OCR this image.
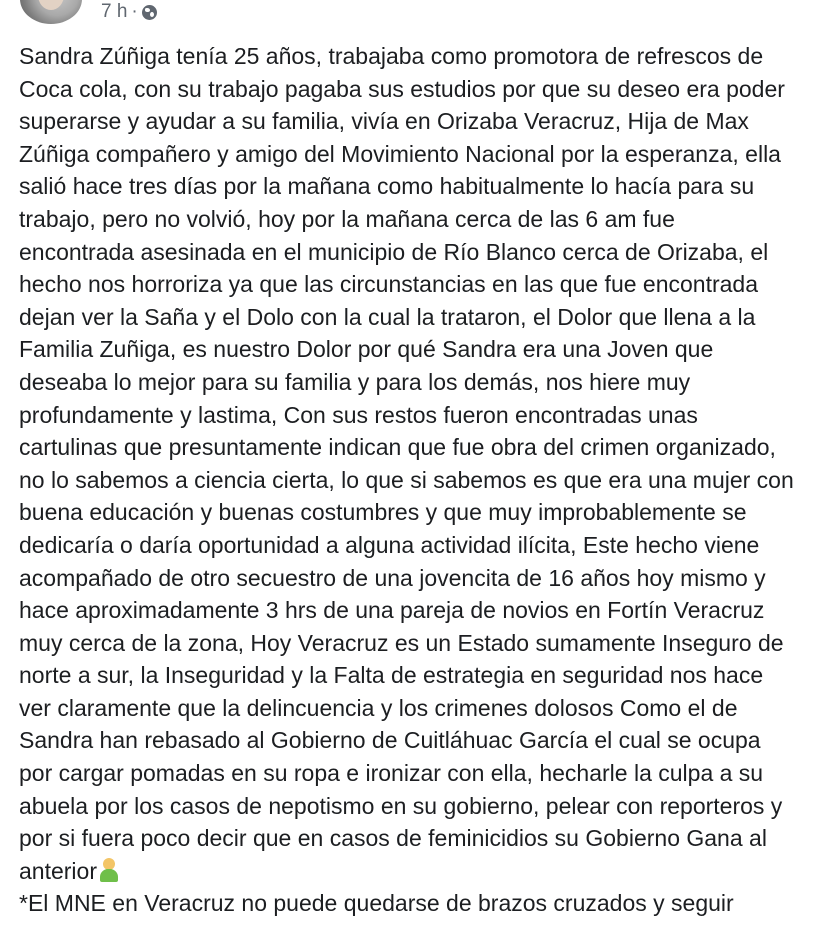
7 h ·
Sandra Zúñiga tenía 25 años, trabajaba como promotora de refrescos de
Coca cola, con su trabajo pagaba sus estudios por que su deseo era poder
superarse y ayudar a su familia, vivía en Orizaba Veracruz, Hija de Max
Zúñiga compañero y amigo del Movimiento Nacional por la esperanza, ella
salió hace tres días por la mañana como habitualmente lo hacía para su
trabajo, pero no volvió, hoy por la mañana cerca de las 6 am fue
encontrada asesinada en el municipio de Río Blanco cerca de Orizaba, el
hecho nos horroriza ya que las circunstancias en las que fue encontrada
dejan ver la Saña y el Dolo con la cual la trataron, el Dolor que llena a la
Familia Zuñiga, es nuestro Dolor por qué Sandra era una Joven que
deseaba lo mejor para su familia y para los demás, nos hiere muy
profundamente y lastima, Con sus restos fueron encontradas unas
cartulinas que presuntamente indican que fue obra del crimen organizado,
no lo sabemos a ciencia cierta, lo que si sabemos es que era una mujer con
buena educación y buenas costumbres y que muy improbablemente se
dedicaría o daría oportunidad a alguna actividad ilícita, Este hecho viene
acompañado de otro secuestro de una jovencita de 16 años hoy mismo y
hace aproximadamente 3 hrs de una pareja de novios en Fortín Veracruz
muy cerca de la zona, Hoy Veracruz es un Estado sumamente Inseguro de
norte a sur, la Inseguridad y la Falta de estrategia en seguridad nos hace
ver claramente que la delincuencia y los crimenes dolosos Como el de
Sandra han rebasado al Gobierno de Cuitláhuac García el cual se ocupa
por cargar pomadas en su ropa e ironizar con ella, hecharle la culpa a su
abuela por los casos de nepotismo en su gobierno, pelear con reporteros y
por si fuera poco decir que en casos de feminicidios su Gobierno Gana al
anterior
*El MNE en Veracruz no puede quedarse de brazos cruzados y seguir
